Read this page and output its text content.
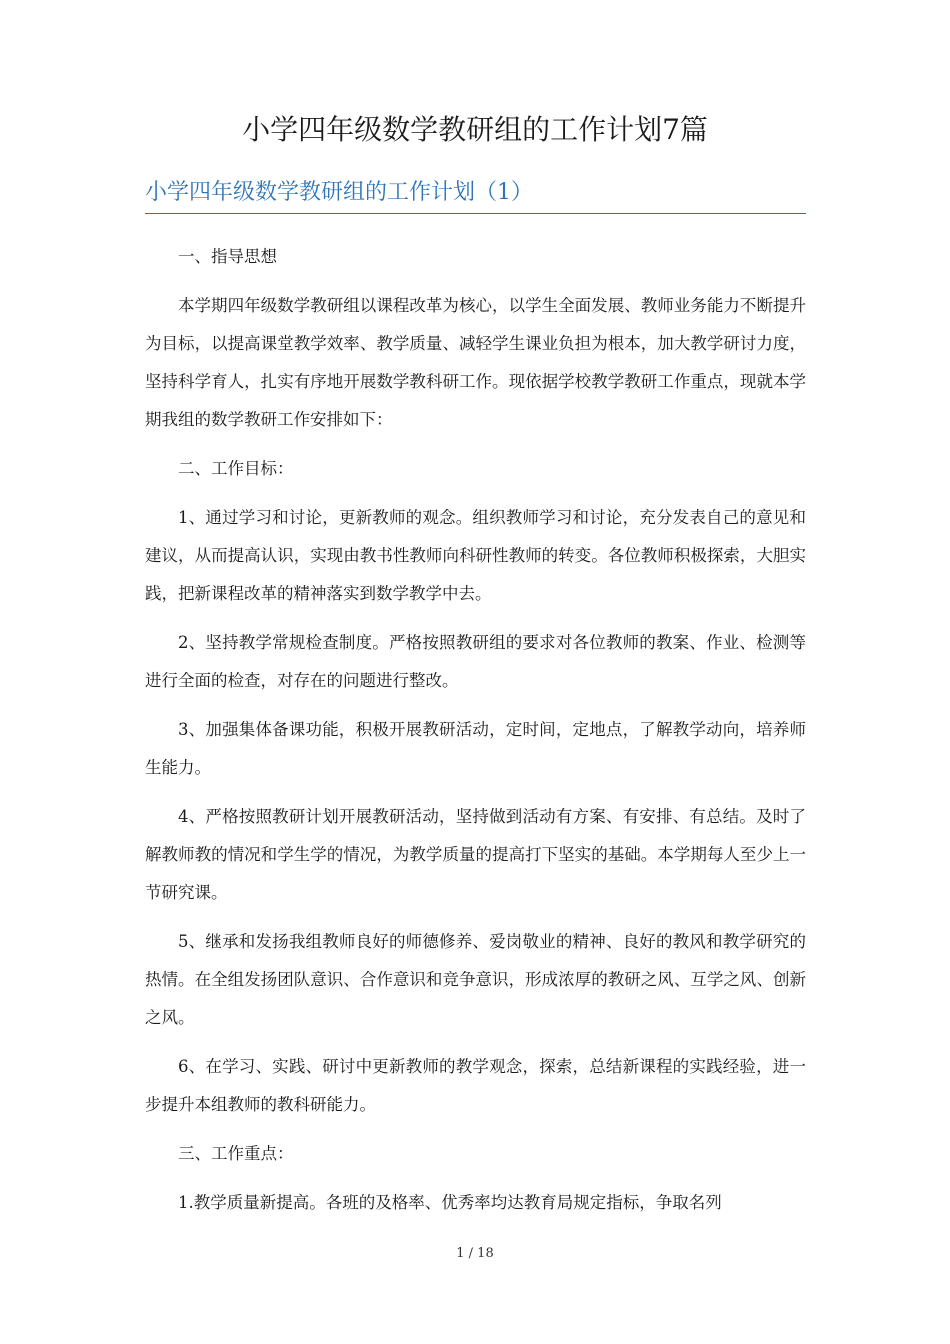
小学四年级数学教研组的工作计划7篇
小学四年级数学教研组的工作计划（1）

一、指导思想

本学期四年级数学教研组以课程改革为核心，以学生全面发展、教师业务能力不断提升为目标，以提高课堂教学效率、教学质量、减轻学生课业负担为根本，加大教学研讨力度，坚持科学育人，扎实有序地开展数学教科研工作。现依据学校教学教研工作重点，现就本学期我组的数学教研工作安排如下：

二、工作目标：

1、通过学习和讨论，更新教师的观念。组织教师学习和讨论，充分发表自己的意见和建议，从而提高认识，实现由教书性教师向科研性教师的转变。各位教师积极探索，大胆实践，把新课程改革的精神落实到数学教学中去。

2、坚持教学常规检查制度。严格按照教研组的要求对各位教师的教案、作业、检测等进行全面的检查，对存在的问题进行整改。

3、加强集体备课功能，积极开展教研活动，定时间，定地点，了解教学动向，培养师生能力。

4、严格按照教研计划开展教研活动，坚持做到活动有方案、有安排、有总结。及时了解教师教的情况和学生学的情况，为教学质量的提高打下坚实的基础。本学期每人至少上一节研究课。

5、继承和发扬我组教师良好的师德修养、爱岗敬业的精神、良好的教风和教学研究的热情。在全组发扬团队意识、合作意识和竞争意识，形成浓厚的教研之风、互学之风、创新之风。

6、在学习、实践、研讨中更新教师的教学观念，探索，总结新课程的实践经验，进一步提升本组教师的教科研能力。

三、工作重点：

1.教学质量新提高。各班的及格率、优秀率均达教育局规定指标，争取名列

1 / 18
